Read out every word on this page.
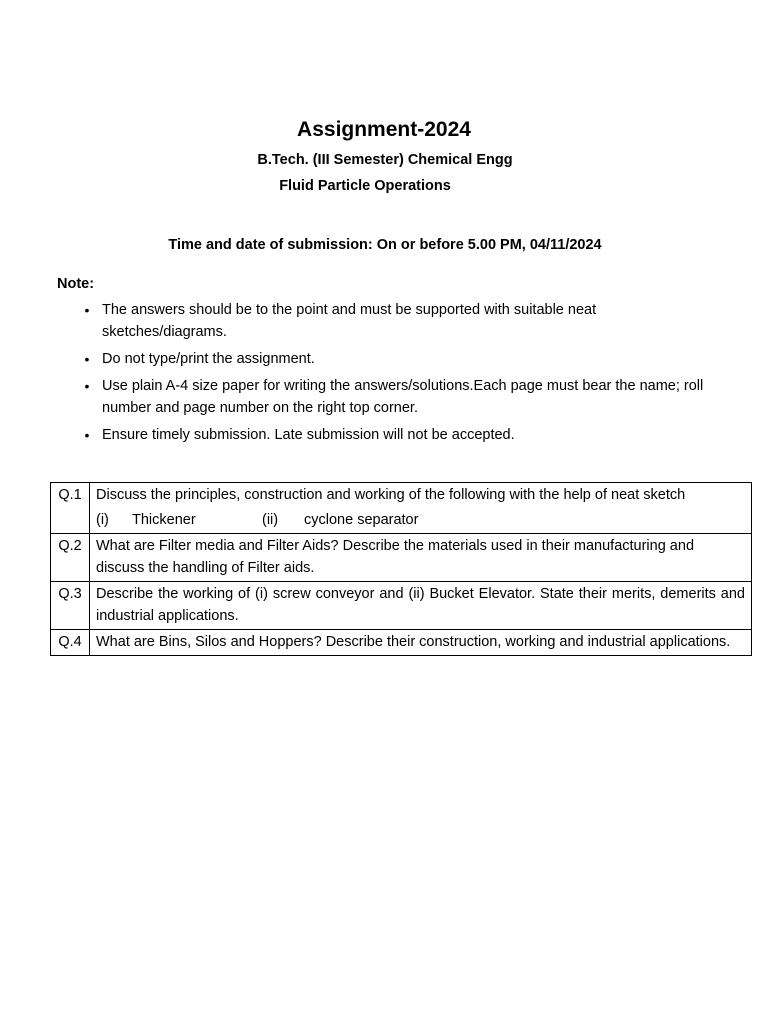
Assignment-2024
B.Tech. (III Semester) Chemical Engg
Fluid Particle Operations
Time and date of submission: On or before 5.00 PM, 04/11/2024
Note:
• The answers should be to the point and must be supported with suitable neat sketches/diagrams.
• Do not type/print the assignment.
• Use plain A-4 size paper for writing the answers/solutions.Each page must bear the name; roll number and page number on the right top corner.
• Ensure timely submission. Late submission will not be accepted.
Q.1	Discuss the principles, construction and working of the following with the help of neat sketch
(i) Thickener (ii) cyclone separator

Q.2	What are Filter media and Filter Aids? Describe the materials used in their manufacturing and discuss the handling of Filter aids.
Q.3	Describe the working of (i) screw conveyor and (ii) Bucket Elevator. State their merits, demerits and industrial applications.
Q.4	What are Bins, Silos and Hoppers? Describe their construction, working and industrial applications.
